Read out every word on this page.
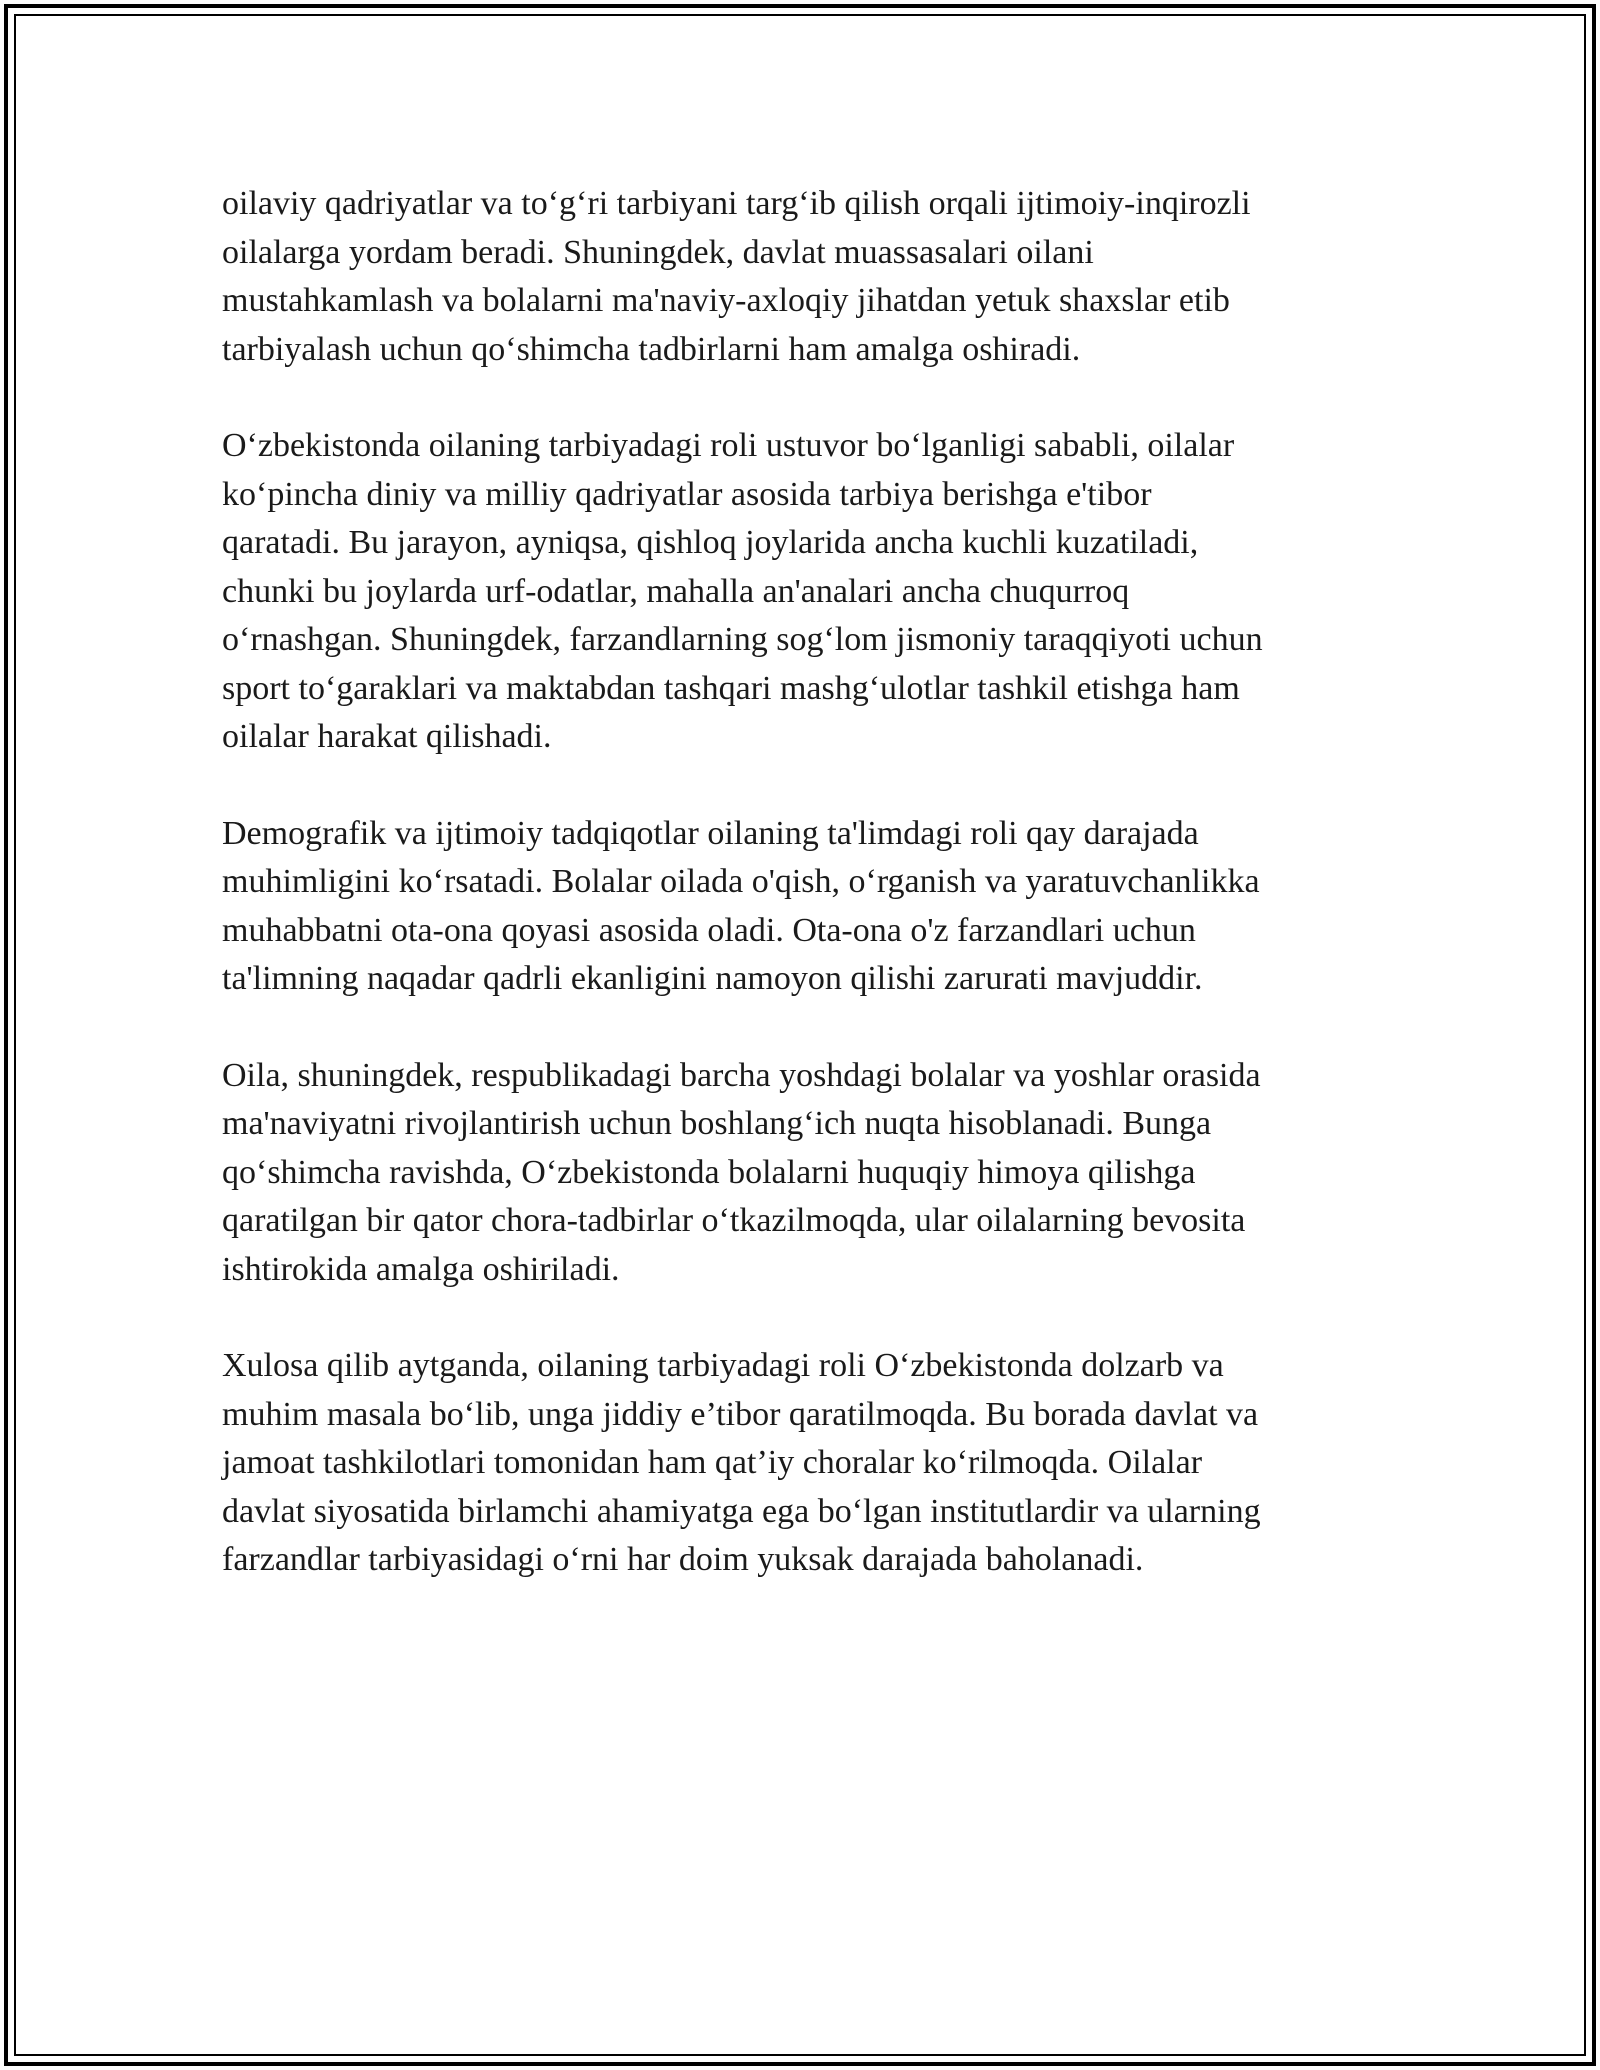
oilaviy qadriyatlar va to‘g‘ri tarbiyani targ‘ib qilish orqali ijtimoiy-inqirozli
oilalarga yordam beradi. Shuningdek, davlat muassasalari oilani
mustahkamlash va bolalarni ma'naviy-axloqiy jihatdan yetuk shaxslar etib
tarbiyalash uchun qo‘shimcha tadbirlarni ham amalga oshiradi.

O‘zbekistonda oilaning tarbiyadagi roli ustuvor bo‘lganligi sababli, oilalar
ko‘pincha diniy va milliy qadriyatlar asosida tarbiya berishga e'tibor
qaratadi. Bu jarayon, ayniqsa, qishloq joylarida ancha kuchli kuzatiladi,
chunki bu joylarda urf-odatlar, mahalla an'analari ancha chuqurroq
o‘rnashgan. Shuningdek, farzandlarning sog‘lom jismoniy taraqqiyoti uchun
sport to‘garaklari va maktabdan tashqari mashg‘ulotlar tashkil etishga ham
oilalar harakat qilishadi.

Demografik va ijtimoiy tadqiqotlar oilaning ta'limdagi roli qay darajada
muhimligini ko‘rsatadi. Bolalar oilada o'qish, o‘rganish va yaratuvchanlikka
muhabbatni ota-ona qoyasi asosida oladi. Ota-ona o'z farzandlari uchun
ta'limning naqadar qadrli ekanligini namoyon qilishi zarurati mavjuddir.

Oila, shuningdek, respublikadagi barcha yoshdagi bolalar va yoshlar orasida
ma'naviyatni rivojlantirish uchun boshlang‘ich nuqta hisoblanadi. Bunga
qo‘shimcha ravishda, O‘zbekistonda bolalarni huquqiy himoya qilishga
qaratilgan bir qator chora-tadbirlar o‘tkazilmoqda, ular oilalarning bevosita
ishtirokida amalga oshiriladi.

Xulosa qilib aytganda, oilaning tarbiyadagi roli O‘zbekistonda dolzarb va
muhim masala bo‘lib, unga jiddiy e’tibor qaratilmoqda. Bu borada davlat va
jamoat tashkilotlari tomonidan ham qat’iy choralar ko‘rilmoqda. Oilalar
davlat siyosatida birlamchi ahamiyatga ega bo‘lgan institutlardir va ularning
farzandlar tarbiyasidagi o‘rni har doim yuksak darajada baholanadi.
